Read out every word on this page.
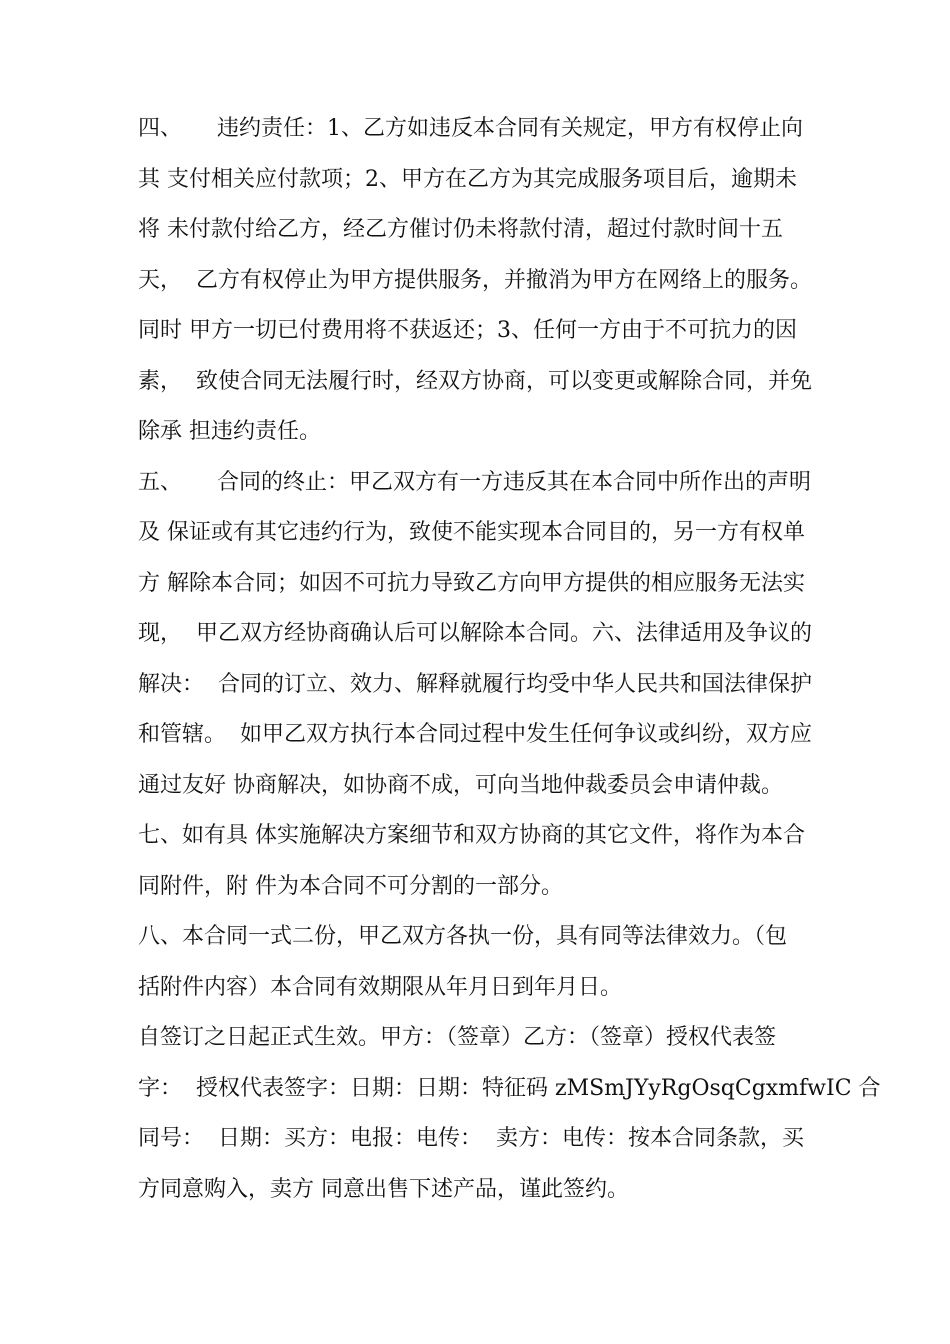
四、     违约责任：1、乙方如违反本合同有关规定，甲方有权停止向
其 支付相关应付款项；2、甲方在乙方为其完成服务项目后，逾期未
将 未付款付给乙方，经乙方催讨仍未将款付清，超过付款时间十五
天，  乙方有权停止为甲方提供服务，并撤消为甲方在网络上的服务。
同时 甲方一切已付费用将不获返还；3、任何一方由于不可抗力的因
素，  致使合同无法履行时，经双方协商，可以变更或解除合同，并免
除承 担违约责任。
五、     合同的终止：甲乙双方有一方违反其在本合同中所作出的声明
及 保证或有其它违约行为，致使不能实现本合同目的，另一方有权单
方 解除本合同；如因不可抗力导致乙方向甲方提供的相应服务无法实
现，  甲乙双方经协商确认后可以解除本合同。六、法律适用及争议的
解决：  合同的订立、效力、解释就履行均受中华人民共和国法律保护
和管辖。  如甲乙双方执行本合同过程中发生任何争议或纠纷，双方应
通过友好 协商解决，如协商不成，可向当地仲裁委员会申请仲裁。
七、如有具 体实施解决方案细节和双方协商的其它文件，将作为本合
同附件，附 件为本合同不可分割的一部分。
八、本合同一式二份，甲乙双方各执一份，具有同等法律效力。（包
括附件内容）本合同有效期限从年月日到年月日。
自签订之日起正式生效。甲方：（签章）乙方：（签章）授权代表签
字：  授权代表签字：日期：日期：特征码 zMSmJYyRgOsqCgxmfwIC 合
同号：  日期：买方：电报：电传：  卖方：电传：按本合同条款，买
方同意购入，卖方 同意出售下述产品，谨此签约。
